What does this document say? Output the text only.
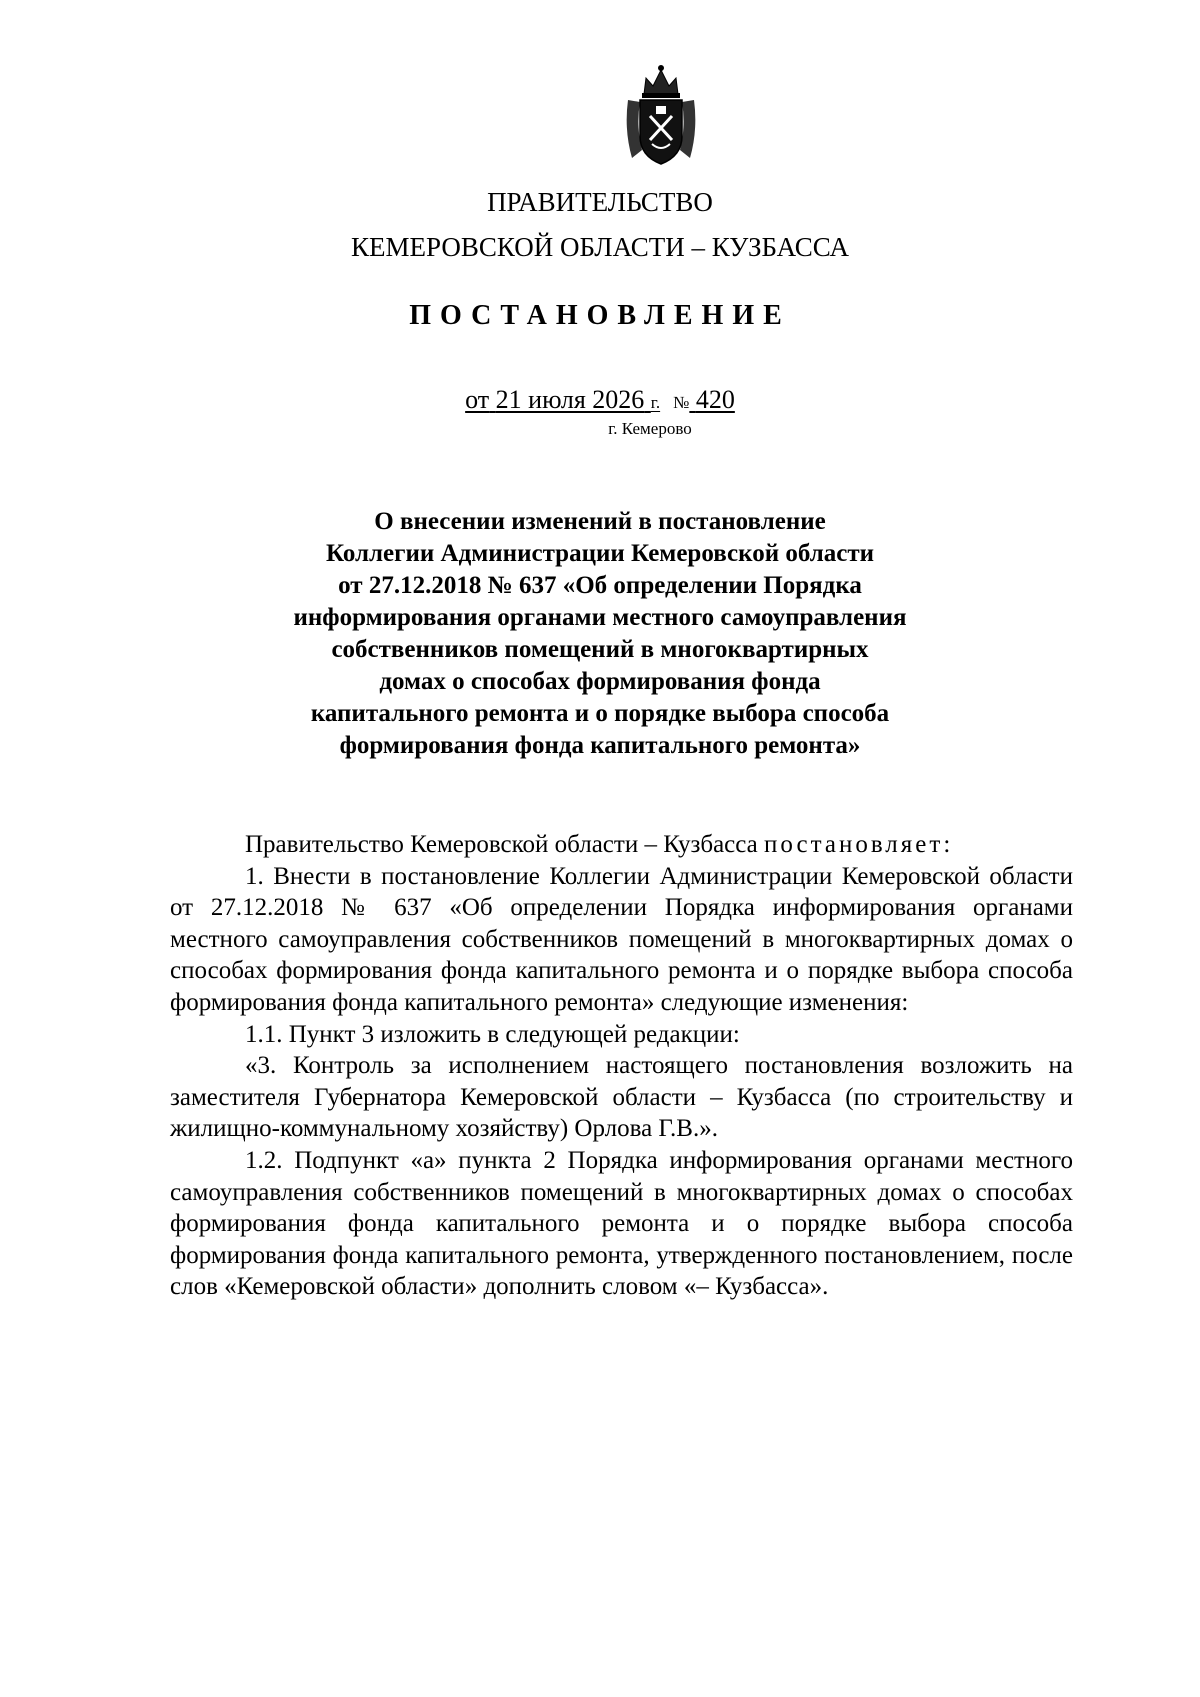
ПРАВИТЕЛЬСТВО
КЕМЕРОВСКОЙ ОБЛАСТИ – КУЗБАССА
ПОСТАНОВЛЕНИЕ
от 21 июля 2026 г. № 420
г. Кемерово
О внесении изменений в постановление
Коллегии Администрации Кемеровской области
от 27.12.2018 № 637 «Об определении Порядка
информирования органами местного самоуправления
собственников помещений в многоквартирных
домах о способах формирования фонда
капитального ремонта и о порядке выбора способа
формирования фонда капитального ремонта»

Правительство Кемеровской области – Кузбасса постановляет:

1. Внести в постановление Коллегии Администрации Кемеровской области от 27.12.2018 № 637 «Об определении Порядка информирования органами местного самоуправления собственников помещений в многоквартирных домах о способах формирования фонда капитального ремонта и о порядке выбора способа формирования фонда капитального ремонта» следующие изменения:

1.1. Пункт 3 изложить в следующей редакции:

«3. Контроль за исполнением настоящего постановления возложить на заместителя Губернатора Кемеровской области – Кузбасса (по строительству и жилищно-коммунальному хозяйству) Орлова Г.В.».

1.2. Подпункт «а» пункта 2 Порядка информирования органами местного самоуправления собственников помещений в многоквартирных домах о способах формирования фонда капитального ремонта и о порядке выбора способа формирования фонда капитального ремонта, утвержденного постановлением, после слов «Кемеровской области» дополнить словом «– Кузбасса».
